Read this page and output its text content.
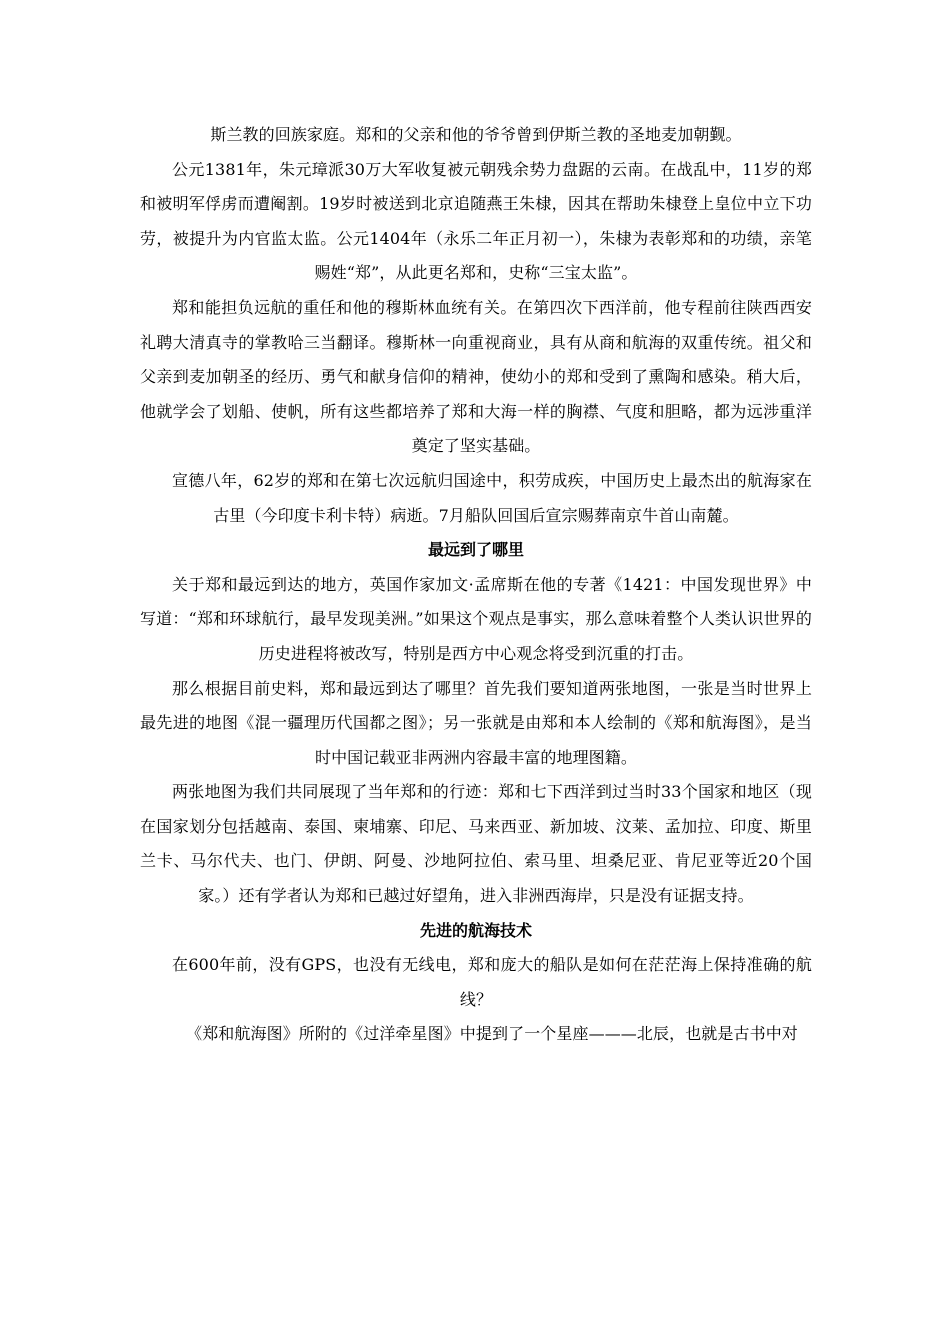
斯兰教的回族家庭。郑和的父亲和他的爷爷曾到伊斯兰教的圣地麦加朝觐。

公元1381年，朱元璋派30万大军收复被元朝残余势力盘踞的云南。在战乱中，11岁的郑和被明军俘虏而遭阉割。19岁时被送到北京追随燕王朱棣，因其在帮助朱棣登上皇位中立下功劳，被提升为内官监太监。公元1404年（永乐二年正月初一），朱棣为表彰郑和的功绩，亲笔赐姓“郑”，从此更名郑和，史称“三宝太监”。

郑和能担负远航的重任和他的穆斯林血统有关。在第四次下西洋前，他专程前往陕西西安礼聘大清真寺的掌教哈三当翻译。穆斯林一向重视商业，具有从商和航海的双重传统。祖父和父亲到麦加朝圣的经历、勇气和献身信仰的精神，使幼小的郑和受到了熏陶和感染。稍大后，他就学会了划船、使帆，所有这些都培养了郑和大海一样的胸襟、气度和胆略，都为远涉重洋奠定了坚实基础。

宣德八年，62岁的郑和在第七次远航归国途中，积劳成疾，中国历史上最杰出的航海家在古里（今印度卡利卡特）病逝。7月船队回国后宣宗赐葬南京牛首山南麓。

最远到了哪里

关于郑和最远到达的地方，英国作家加文·孟席斯在他的专著《1421：中国发现世界》中写道：“郑和环球航行，最早发现美洲。”如果这个观点是事实，那么意味着整个人类认识世界的历史进程将被改写，特别是西方中心观念将受到沉重的打击。

那么根据目前史料，郑和最远到达了哪里？首先我们要知道两张地图，一张是当时世界上最先进的地图《混一疆理历代国都之图》；另一张就是由郑和本人绘制的《郑和航海图》，是当时中国记载亚非两洲内容最丰富的地理图籍。

两张地图为我们共同展现了当年郑和的行迹：郑和七下西洋到过当时33个国家和地区（现在国家划分包括越南、泰国、柬埔寨、印尼、马来西亚、新加坡、汶莱、孟加拉、印度、斯里兰卡、马尔代夫、也门、伊朗、阿曼、沙地阿拉伯、索马里、坦桑尼亚、肯尼亚等近20个国家。）还有学者认为郑和已越过好望角，进入非洲西海岸，只是没有证据支持。

先进的航海技术

在600年前，没有GPS，也没有无线电，郑和庞大的船队是如何在茫茫海上保持准确的航线？

《郑和航海图》所附的《过洋牵星图》中提到了一个星座———北辰，也就是古书中对
